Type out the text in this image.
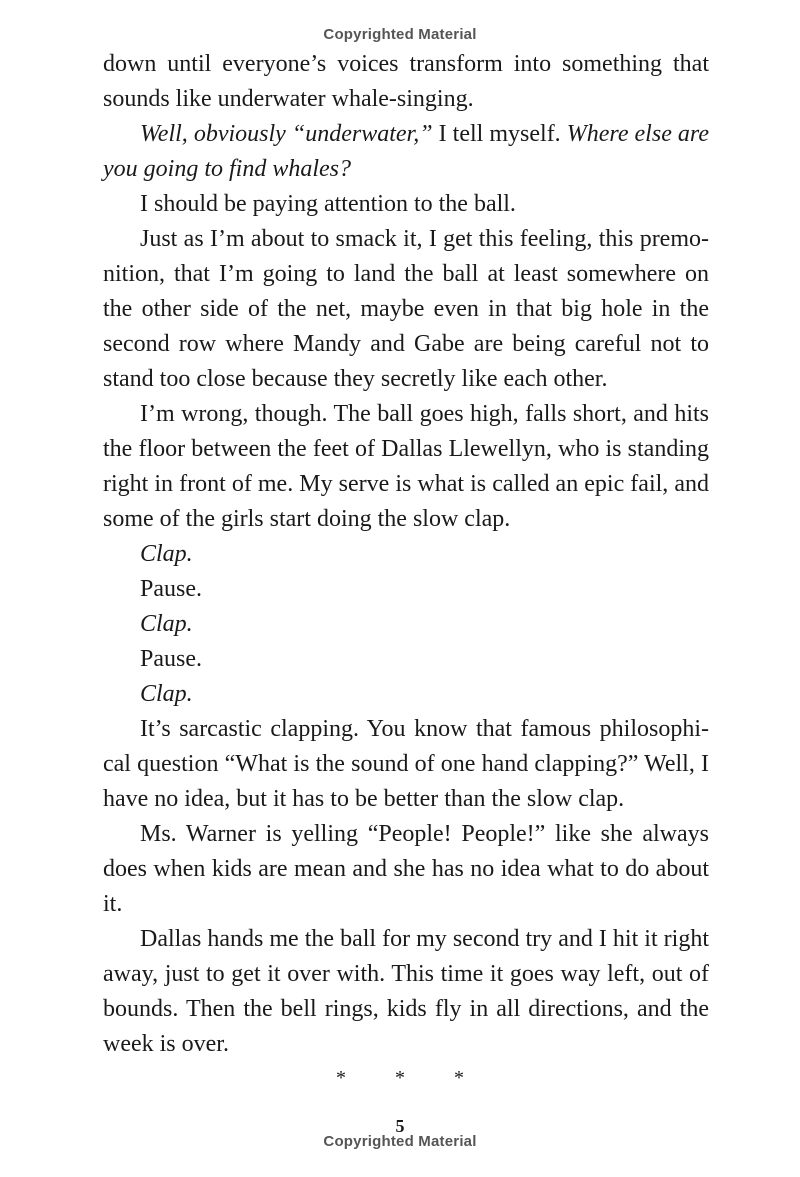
Copyrighted Material

down until everyone’s voices transform into something that sounds like underwater whale-singing.

Well, obviously “underwater,” I tell myself. Where else are you going to find whales?

I should be paying attention to the ball.

Just as I’m about to smack it, I get this feeling, this premo-nition, that I’m going to land the ball at least somewhere on the other side of the net, maybe even in that big hole in the second row where Mandy and Gabe are being careful not to stand too close because they secretly like each other.

I’m wrong, though. The ball goes high, falls short, and hits the floor between the feet of Dallas Llewellyn, who is standing right in front of me. My serve is what is called an epic fail, and some of the girls start doing the slow clap.

Clap.

Pause.

Clap.

Pause.

Clap.

It’s sarcastic clapping. You know that famous philosophi-cal question “What is the sound of one hand clapping?” Well, I have no idea, but it has to be better than the slow clap.

Ms. Warner is yelling “People! People!” like she always does when kids are mean and she has no idea what to do about it.

Dallas hands me the ball for my second try and I hit it right away, just to get it over with. This time it goes way left, out of bounds. Then the bell rings, kids fly in all directions, and the week is over.

* * *
5
Copyrighted Material
